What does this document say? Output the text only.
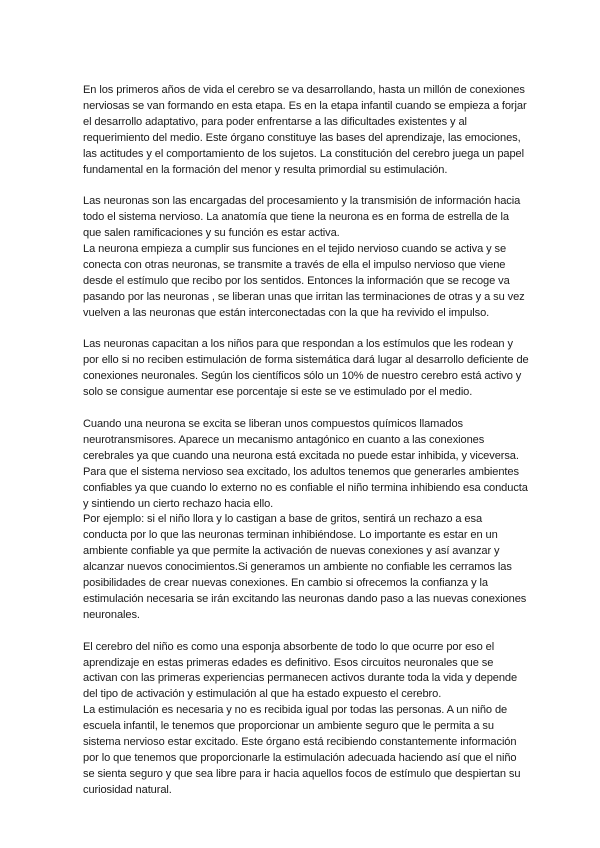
En los primeros años de vida el cerebro se va desarrollando, hasta un millón de conexiones
nerviosas se van formando en esta etapa. Es en la etapa infantil cuando se empieza a forjar
el desarrollo adaptativo, para poder enfrentarse a las dificultades existentes y al
requerimiento del medio. Este órgano constituye las bases del aprendizaje, las emociones,
las actitudes y el comportamiento de los sujetos. La constitución del cerebro juega un papel
fundamental en la formación del menor y resulta primordial su estimulación.

Las neuronas son las encargadas del procesamiento y la transmisión de información hacia
todo el sistema nervioso. La anatomía que tiene la neurona es en forma de estrella de la
que salen ramificaciones y su función es estar activa.
La neurona empieza a cumplir sus funciones en el tejido nervioso cuando se activa y se
conecta con otras neuronas, se transmite a través de ella el impulso nervioso que viene
desde el estímulo que recibo por los sentidos. Entonces la información que se recoge va
pasando por las neuronas , se liberan unas que irritan las terminaciones de otras y a su vez
vuelven a las neuronas que están interconectadas con la que ha revivido el impulso.

Las neuronas capacitan a los niños para que respondan a los estímulos que les rodean y
por ello si no reciben estimulación de forma sistemática dará lugar al desarrollo deficiente de
conexiones neuronales. Según los científicos sólo un 10% de nuestro cerebro está activo y
solo se consigue aumentar ese porcentaje si este se ve estimulado por el medio.

Cuando una neurona se excita se liberan unos compuestos químicos llamados
neurotransmisores. Aparece un mecanismo antagónico en cuanto a las conexiones
cerebrales ya que cuando una neurona está excitada no puede estar inhibida, y viceversa.
Para que el sistema nervioso sea excitado, los adultos tenemos que generarles ambientes
confiables ya que cuando lo externo no es confiable el niño termina inhibiendo esa conducta
y sintiendo un cierto rechazo hacia ello.
Por ejemplo: si el niño llora y lo castigan a base de gritos, sentirá un rechazo a esa
conducta por lo que las neuronas terminan inhibiéndose. Lo importante es estar en un
ambiente confiable ya que permite la activación de nuevas conexiones y así avanzar y
alcanzar nuevos conocimientos.Si generamos un ambiente no confiable les cerramos las
posibilidades de crear nuevas conexiones. En cambio si ofrecemos la confianza y la
estimulación necesaria se irán excitando las neuronas dando paso a las nuevas conexiones
neuronales.

El cerebro del niño es como una esponja absorbente de todo lo que ocurre por eso el
aprendizaje en estas primeras edades es definitivo. Esos circuitos neuronales que se
activan con las primeras experiencias permanecen activos durante toda la vida y depende
del tipo de activación y estimulación al que ha estado expuesto el cerebro.
La estimulación es necesaria y no es recibida igual por todas las personas. A un niño de
escuela infantil, le tenemos que proporcionar un ambiente seguro que le permita a su
sistema nervioso estar excitado. Este órgano está recibiendo constantemente información
por lo que tenemos que proporcionarle la estimulación adecuada haciendo así que el niño
se sienta seguro y que sea libre para ir hacia aquellos focos de estímulo que despiertan su
curiosidad natural.
